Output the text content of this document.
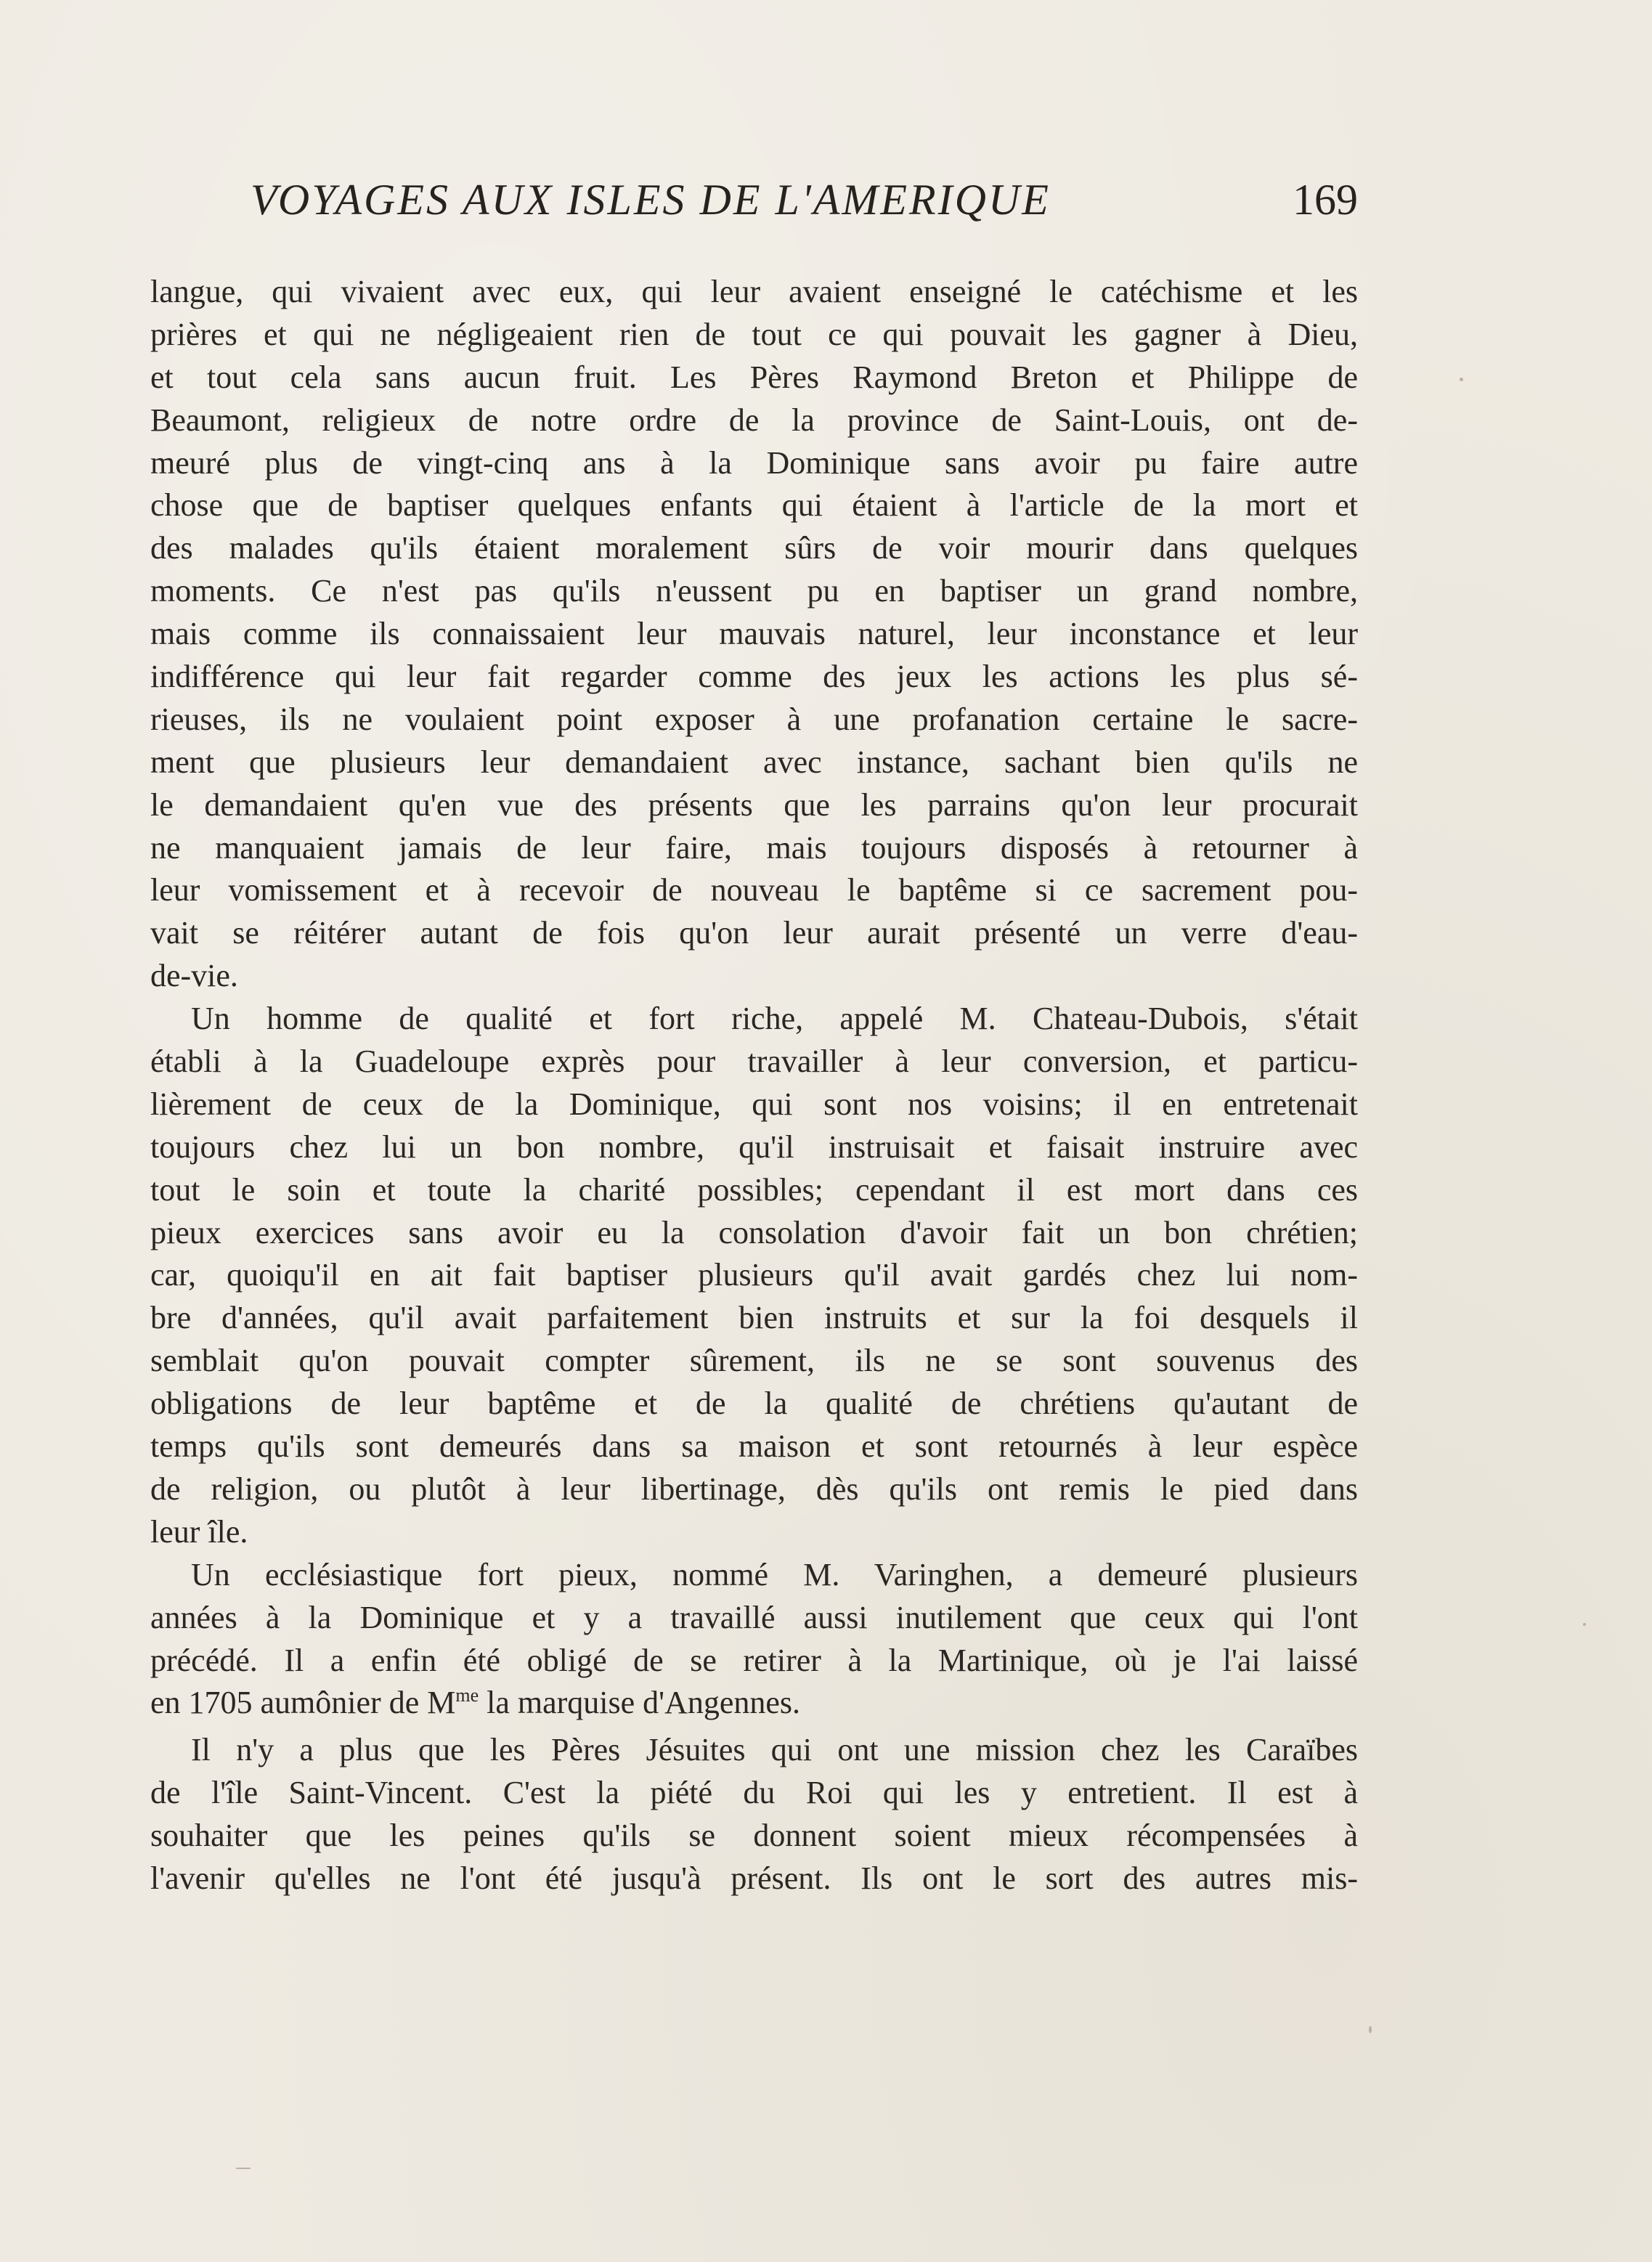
VOYAGES AUX ISLES DE L'AMERIQUE	169
langue, qui vivaient avec eux, qui leur avaient enseigné le catéchisme et les
prières et qui ne négligeaient rien de tout ce qui pouvait les gagner à Dieu,
et tout cela sans aucun fruit. Les Pères Raymond Breton et Philippe de
Beaumont, religieux de notre ordre de la province de Saint-Louis, ont de-
meuré plus de vingt-cinq ans à la Dominique sans avoir pu faire autre
chose que de baptiser quelques enfants qui étaient à l'article de la mort et
des malades qu'ils étaient moralement sûrs de voir mourir dans quelques
moments. Ce n'est pas qu'ils n'eussent pu en baptiser un grand nombre,
mais comme ils connaissaient leur mauvais naturel, leur inconstance et leur
indifférence qui leur fait regarder comme des jeux les actions les plus sé-
rieuses, ils ne voulaient point exposer à une profanation certaine le sacre-
ment que plusieurs leur demandaient avec instance, sachant bien qu'ils ne
le demandaient qu'en vue des présents que les parrains qu'on leur procurait
ne manquaient jamais de leur faire, mais toujours disposés à retourner à
leur vomissement et à recevoir de nouveau le baptême si ce sacrement pou-
vait se réitérer autant de fois qu'on leur aurait présenté un verre d'eau-
de-vie.
Un homme de qualité et fort riche, appelé M. Chateau-Dubois, s'était
établi à la Guadeloupe exprès pour travailler à leur conversion, et particu-
lièrement de ceux de la Dominique, qui sont nos voisins; il en entretenait
toujours chez lui un bon nombre, qu'il instruisait et faisait instruire avec
tout le soin et toute la charité possibles; cependant il est mort dans ces
pieux exercices sans avoir eu la consolation d'avoir fait un bon chrétien;
car, quoiqu'il en ait fait baptiser plusieurs qu'il avait gardés chez lui nom-
bre d'années, qu'il avait parfaitement bien instruits et sur la foi desquels il
semblait qu'on pouvait compter sûrement, ils ne se sont souvenus des
obligations de leur baptême et de la qualité de chrétiens qu'autant de
temps qu'ils sont demeurés dans sa maison et sont retournés à leur espèce
de religion, ou plutôt à leur libertinage, dès qu'ils ont remis le pied dans
leur île.
Un ecclésiastique fort pieux, nommé M. Varinghen, a demeuré plusieurs
années à la Dominique et y a travaillé aussi inutilement que ceux qui l'ont
précédé. Il a enfin été obligé de se retirer à la Martinique, où je l'ai laissé
en 1705 aumônier de $M^{me}$ la marquise d'Angennes.
Il n'y a plus que les Pères Jésuites qui ont une mission chez les Caraïbes
de l'île Saint-Vincent. C'est la piété du Roi qui les y entretient. Il est à
souhaiter que les peines qu'ils se donnent soient mieux récompensées à
l'avenir qu'elles ne l'ont été jusqu'à présent. Ils ont le sort des autres mis-
